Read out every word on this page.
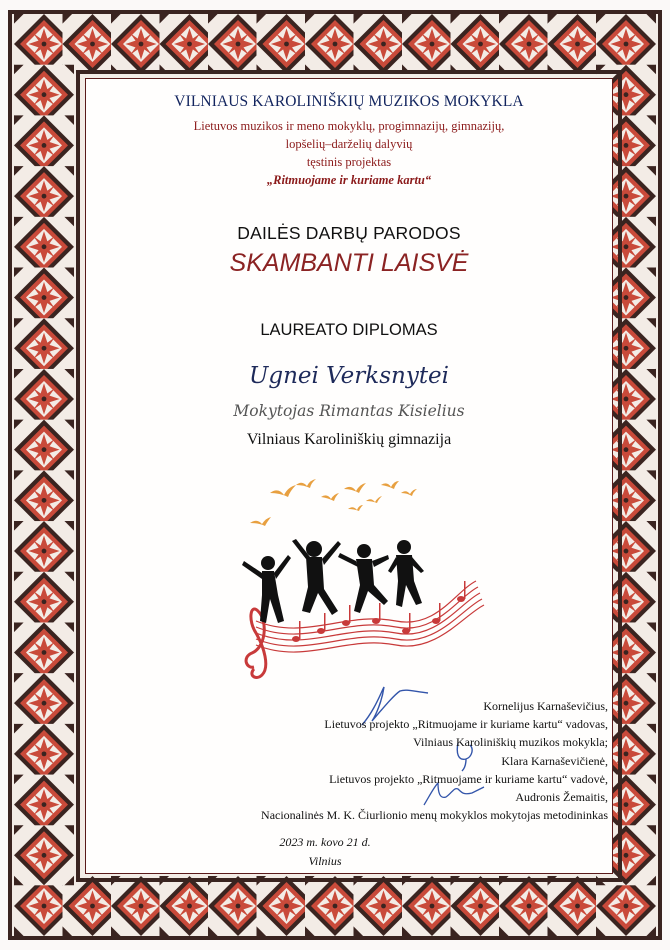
VILNIAUS KAROLINIŠKIŲ MUZIKOS MOKYKLA
Lietuvos muzikos ir meno mokyklų, progimnazijų, gimnazijų,
lopšelių–darželių dalyvių
tęstinis projektas
„Ritmuojame ir kuriame kartu“
DAILĖS DARBŲ PARODOS
SKAMBANTI LAISVĖ
LAUREATO DIPLOMAS
Ugnei Verksnytei
Mokytojas Rimantas Kisielius
Vilniaus Karoliniškių gimnazija
Kornelijus Karnaševičius,
Lietuvos projekto „Ritmuojame ir kuriame kartu“ vadovas,
Vilniaus Karoliniškių muzikos mokykla;
Klara Karnaševičienė,
Lietuvos projekto „Ritmuojame ir kuriame kartu“ vadovė,
Audronis Žemaitis,
Nacionalinės M. K. Čiurlionio menų mokyklos mokytojas metodininkas
2023 m. kovo 21 d.
Vilnius
